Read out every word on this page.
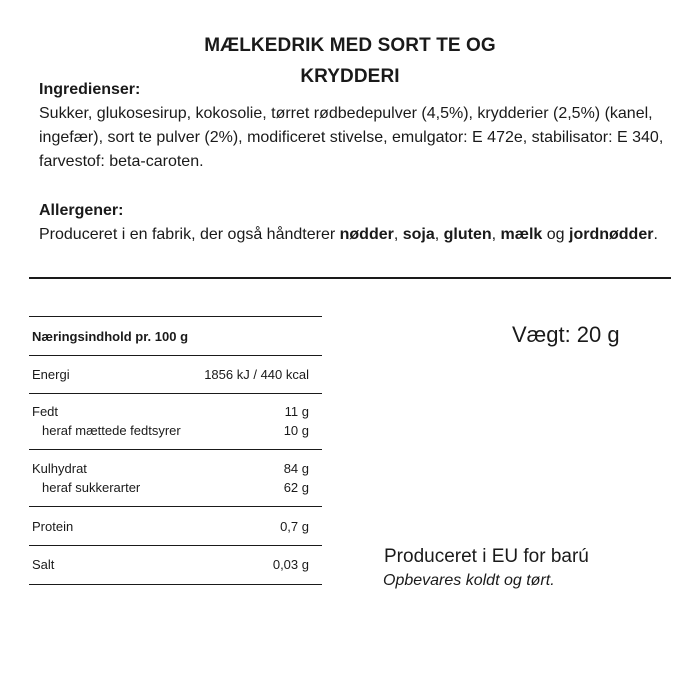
MÆLKEDRIK MED SORT TE OG
KRYDDERI
Ingredienser:

Sukker, glukosesirup, kokosolie, tørret rødbedepulver (4,5%), krydderier (2,5%) (kanel, ingefær), sort te pulver (2%), modificeret stivelse, emulgator: E 472e, stabilisator: E 340, farvestof: beta-caroten.

Allergener:

Produceret i en fabrik, der også håndterer nødder, soja, gluten, mælk og jordnødder.

Næringsindhold pr. 100 g
Energi	1856 kJ / 440 kcal
Fedt	11 g
heraf mættede fedtsyrer	10 g
Kulhydrat	84 g
heraf sukkerarter	62 g
Protein	0,7 g
Salt	0,03 g
Vægt: 20 g
Produceret i EU for barú
Opbevares koldt og tørt.
